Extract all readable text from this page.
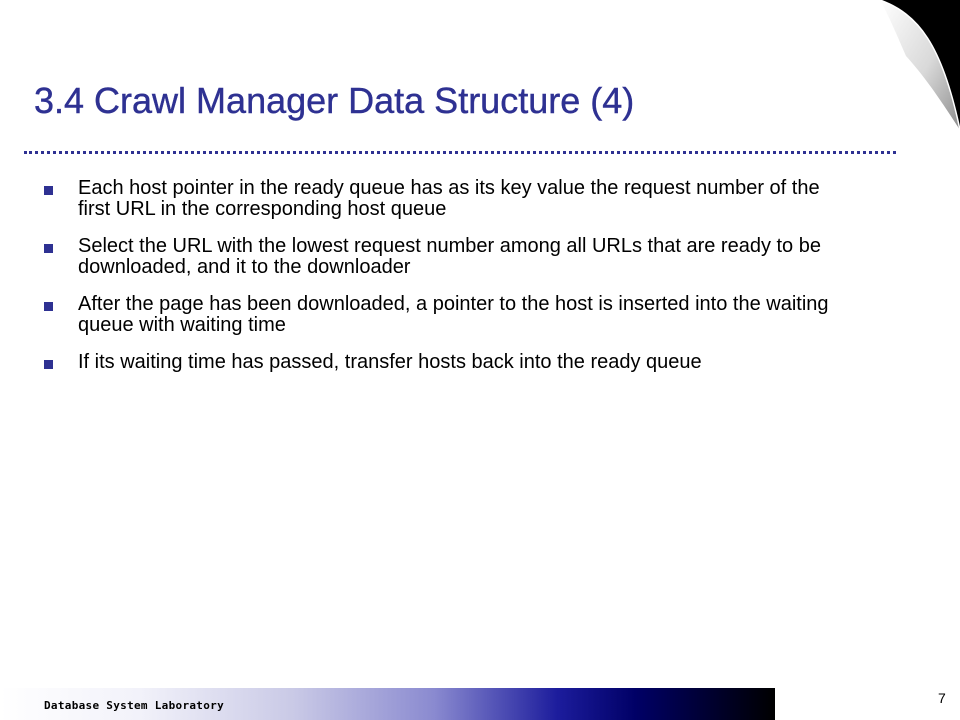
3.4 Crawl Manager Data Structure (4)
Each host pointer in the ready queue has as its key value the request number of the first URL in the corresponding host queue
Select the URL with the lowest request number among all URLs that are ready to be downloaded, and it to the downloader
After the page has been downloaded, a pointer to the host is inserted into the waiting queue with waiting time
If its waiting time has passed, transfer hosts back into the ready queue
Database System Laboratory	7
